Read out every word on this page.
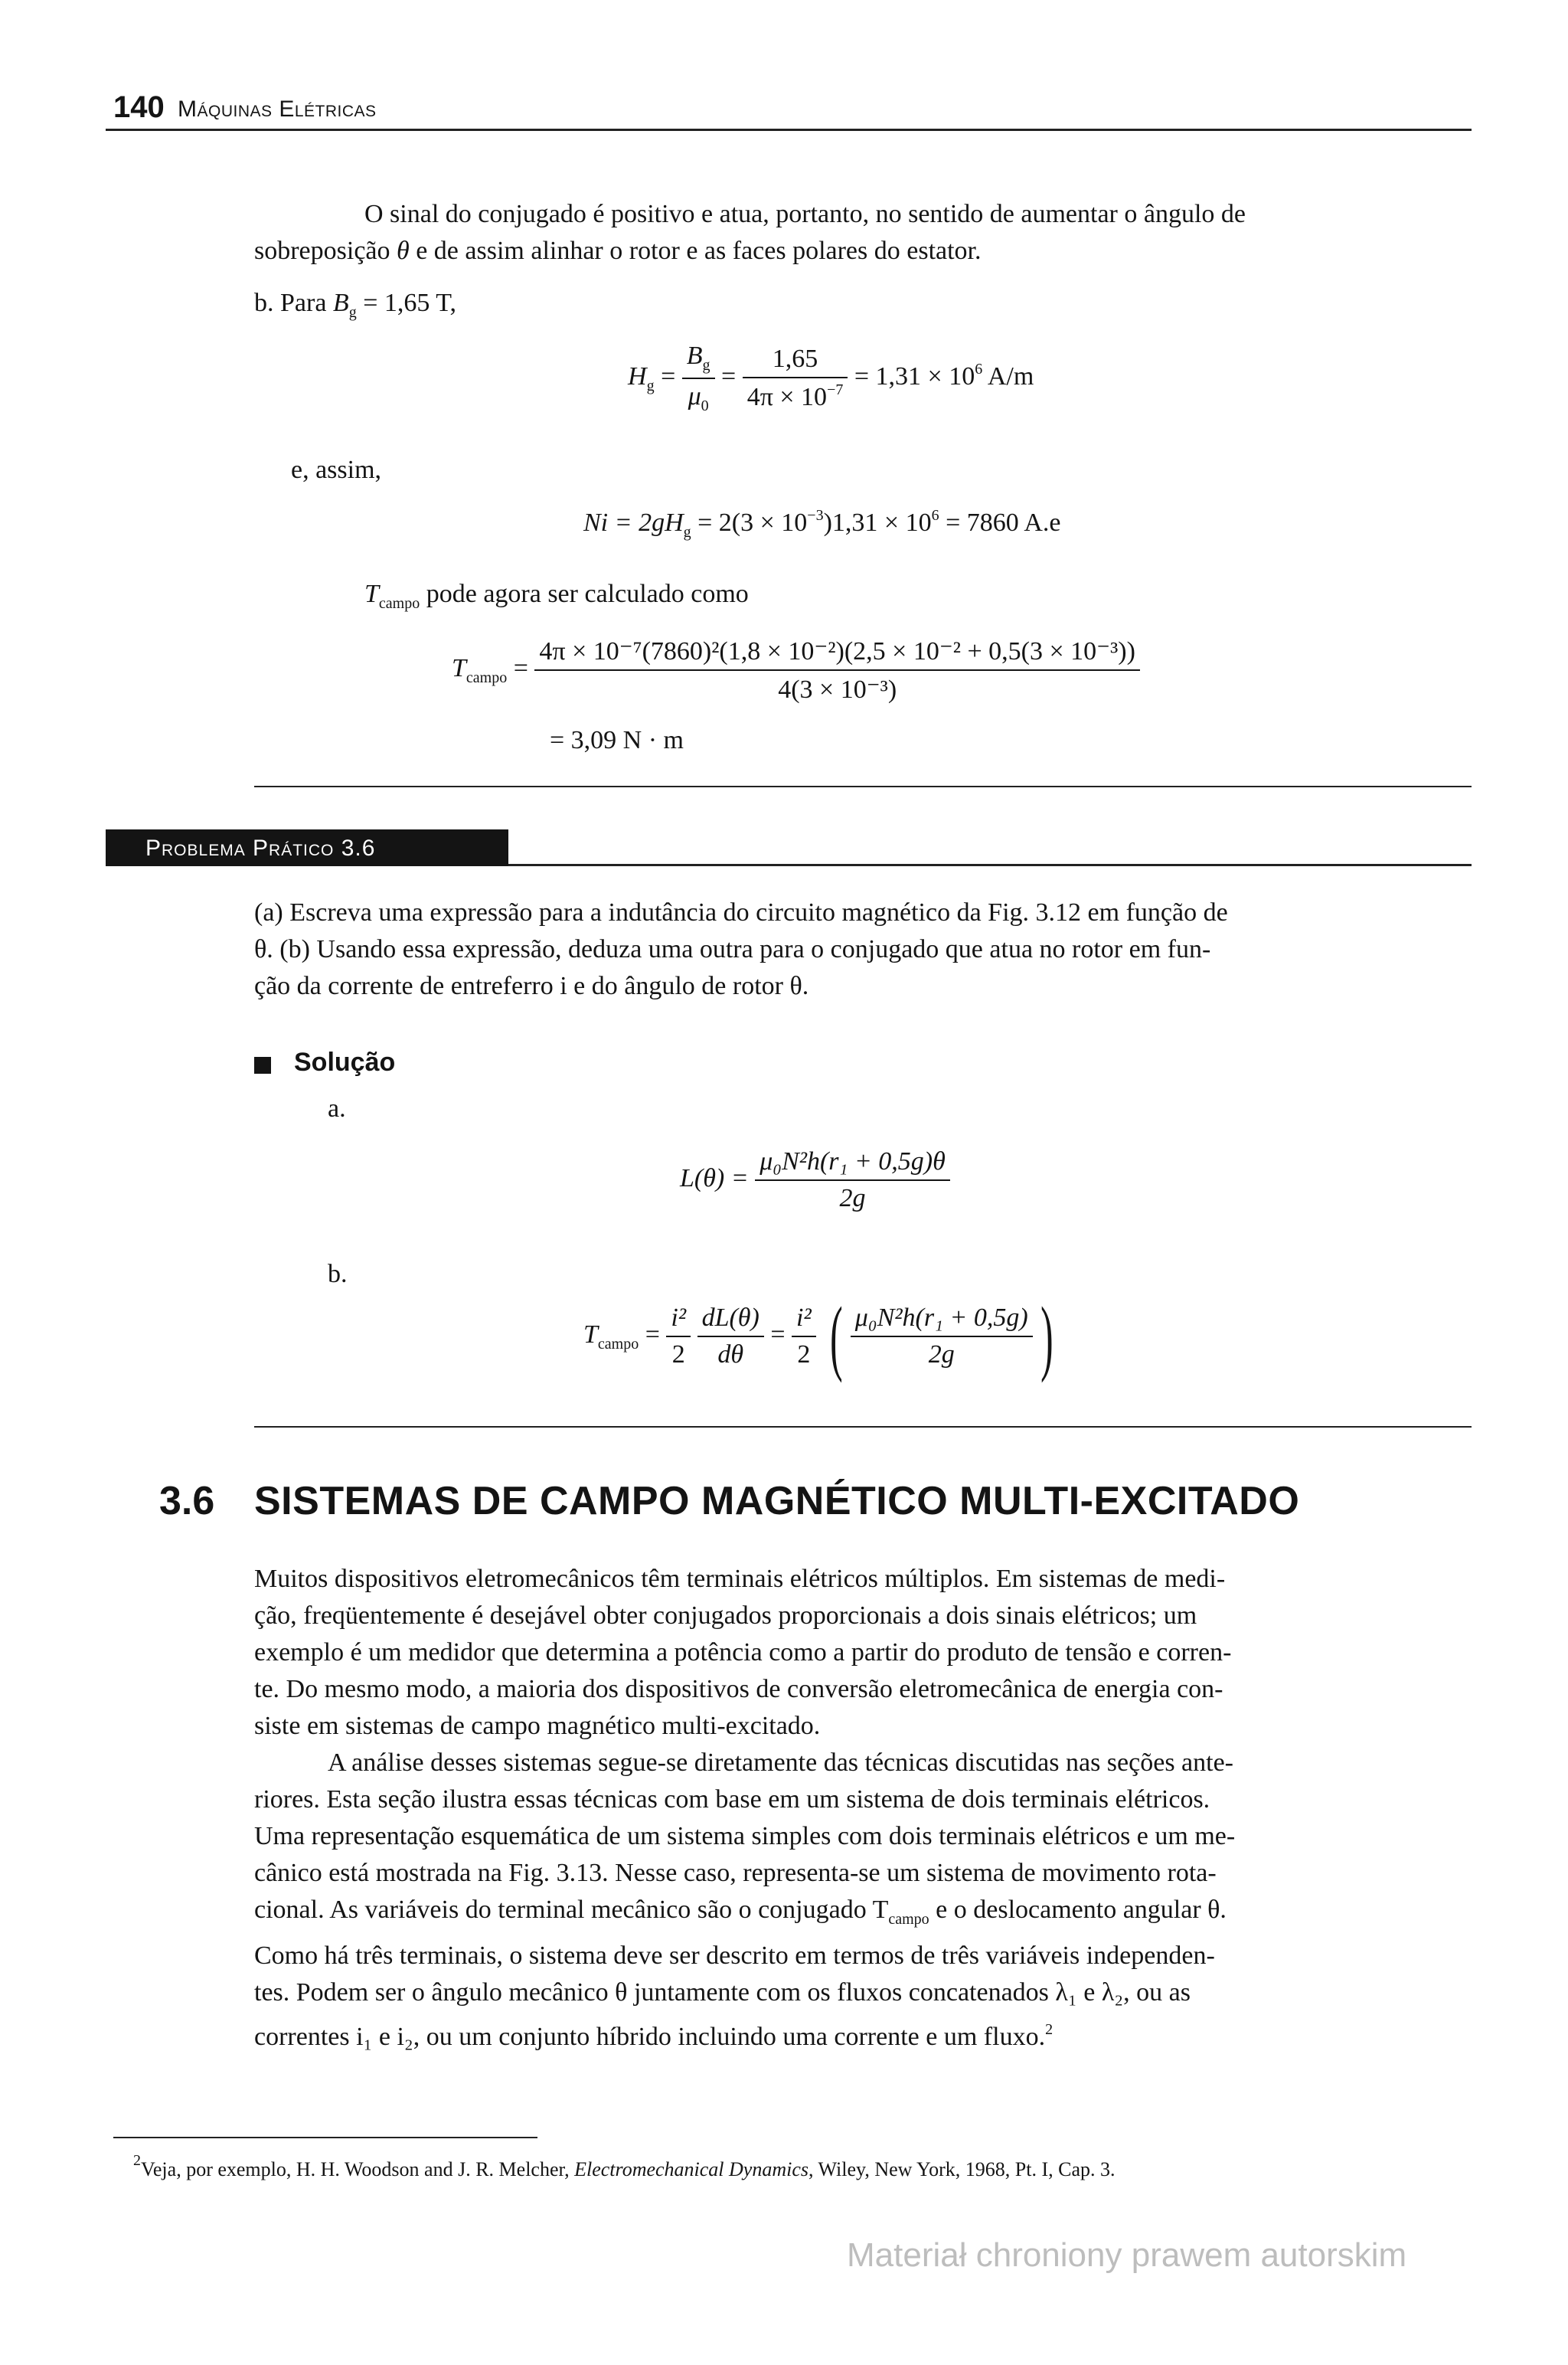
140 Máquinas Elétricas
O sinal do conjugado é positivo e atua, portanto, no sentido de aumentar o ângulo de
sobreposição θ e de assim alinhar o rotor e as faces polares do estator.
b. Para $B_g = 1,65$ T,
$H_g = \frac{B_g}{\mu_0} = \frac{1,65}{4\pi \times 10^{-7}} = 1,31 \times 10^6$ A/m
e, assim,
$Ni = 2gH_g = 2(3 \times 10^{-3})1,31 \times 10^6 = 7860$ A.e
$T_{campo}$ pode agora ser calculado como
$T_{campo} = \frac{\text{4π × 10⁻⁷(7860)²(1,8 × 10⁻²)(2,5 × 10⁻² + 0,5(3 × 10⁻³))}}{\text{4(3 × 10⁻³)}}$
= 3,09 N · m
Problema Prático 3.6
(a) Escreva uma expressão para a indutância do circuito magnético da Fig. 3.12 em função de
θ. (b) Usando essa expressão, deduza uma outra para o conjugado que atua no rotor em fun-
ção da corrente de entreferro i e do ângulo de rotor θ.
Solução
a.
$L(\theta) = \frac{\text{μ₀N²h(r₁ + 0,5g)θ}}{2g}$
b.
$T_{campo} = \frac{\text{i²}}{2}$
$\frac{dL(\theta)}{d\theta} = \frac{\text{i²}}{2}$ ( $\frac{\text{μ₀N²h(r₁ + 0,5g)}}{2g}$ )
3.6 SISTEMAS DE CAMPO MAGNÉTICO MULTI-EXCITADO
Muitos dispositivos eletromecânicos têm terminais elétricos múltiplos. Em sistemas de medi-
ção, freqüentemente é desejável obter conjugados proporcionais a dois sinais elétricos; um
exemplo é um medidor que determina a potência como a partir do produto de tensão e corren-
te. Do mesmo modo, a maioria dos dispositivos de conversão eletromecânica de energia con-
siste em sistemas de campo magnético multi-excitado.
A análise desses sistemas segue-se diretamente das técnicas discutidas nas seções ante-
riores. Esta seção ilustra essas técnicas com base em um sistema de dois terminais elétricos.
Uma representação esquemática de um sistema simples com dois terminais elétricos e um me-
cânico está mostrada na Fig. 3.13. Nesse caso, representa-se um sistema de movimento rota-
cional. As variáveis do terminal mecânico são o conjugado $T_{campo}$ e o deslocamento angular θ.
Como há três terminais, o sistema deve ser descrito em termos de três variáveis independen-
tes. Podem ser o ângulo mecânico θ juntamente com os fluxos concatenados λ₁ e λ₂, ou as
correntes i₁ e i₂, ou um conjunto híbrido incluindo uma corrente e um fluxo.$^2$
$^2$Veja, por exemplo, H. H. Woodson and J. R. Melcher, Electromechanical Dynamics, Wiley, New York, 1968, Pt. I, Cap. 3.
Materiał chroniony prawem autorskim
